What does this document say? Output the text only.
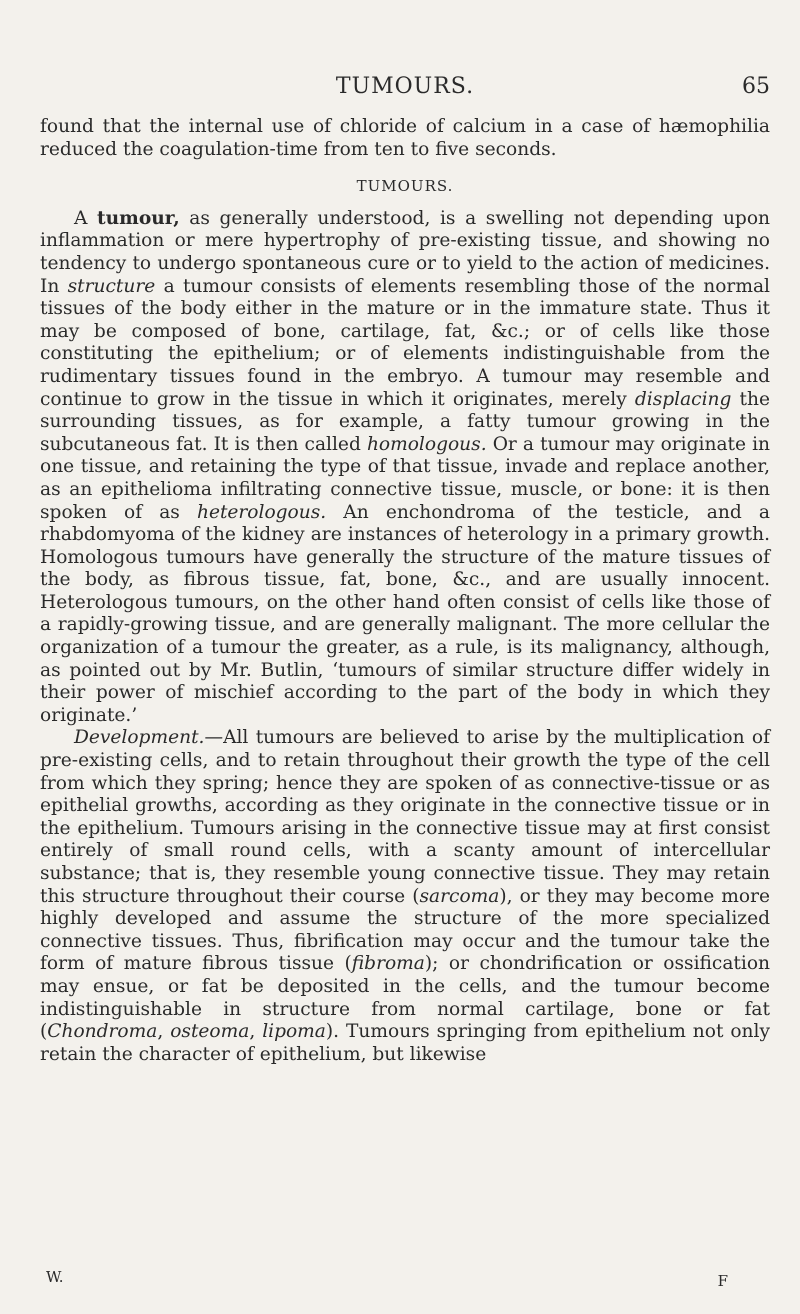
TUMOURS.	65

found that the internal use of chloride of calcium in a case of hæmophilia reduced the coagulation-time from ten to five seconds.

TUMOURS.

A tumour, as generally understood, is a swelling not depending upon inflammation or mere hypertrophy of pre-existing tissue, and showing no tendency to undergo spontaneous cure or to yield to the action of medicines. In structure a tumour consists of elements resembling those of the normal tissues of the body either in the mature or in the immature state. Thus it may be composed of bone, cartilage, fat, &c.; or of cells like those constituting the epithelium; or of elements indistinguishable from the rudimentary tissues found in the embryo. A tumour may resemble and continue to grow in the tissue in which it originates, merely displacing the surrounding tissues, as for example, a fatty tumour growing in the subcutaneous fat. It is then called homologous. Or a tumour may originate in one tissue, and retaining the type of that tissue, invade and replace another, as an epithelioma infiltrating connective tissue, muscle, or bone: it is then spoken of as heterologous. An enchondroma of the testicle, and a rhabdomyoma of the kidney are instances of heterology in a primary growth. Homologous tumours have generally the structure of the mature tissues of the body, as fibrous tissue, fat, bone, &c., and are usually innocent. Heterologous tumours, on the other hand often consist of cells like those of a rapidly-growing tissue, and are generally malignant. The more cellular the organization of a tumour the greater, as a rule, is its malignancy, although, as pointed out by Mr. Butlin, ‘tumours of similar structure differ widely in their power of mischief according to the part of the body in which they originate.’

Development.—All tumours are believed to arise by the multiplication of pre-existing cells, and to retain throughout their growth the type of the cell from which they spring; hence they are spoken of as connective-tissue or as epithelial growths, according as they originate in the connective tissue or in the epithelium. Tumours arising in the connective tissue may at first consist entirely of small round cells, with a scanty amount of intercellular substance; that is, they resemble young connective tissue. They may retain this structure throughout their course (sarcoma), or they may become more highly developed and assume the structure of the more specialized connective tissues. Thus, fibrification may occur and the tumour take the form of mature fibrous tissue (fibroma); or chondrification or ossification may ensue, or fat be deposited in the cells, and the tumour become indistinguishable in structure from normal cartilage, bone or fat (Chondroma, osteoma, lipoma). Tumours springing from epithelium not only retain the character of epithelium, but likewise

W.	F
